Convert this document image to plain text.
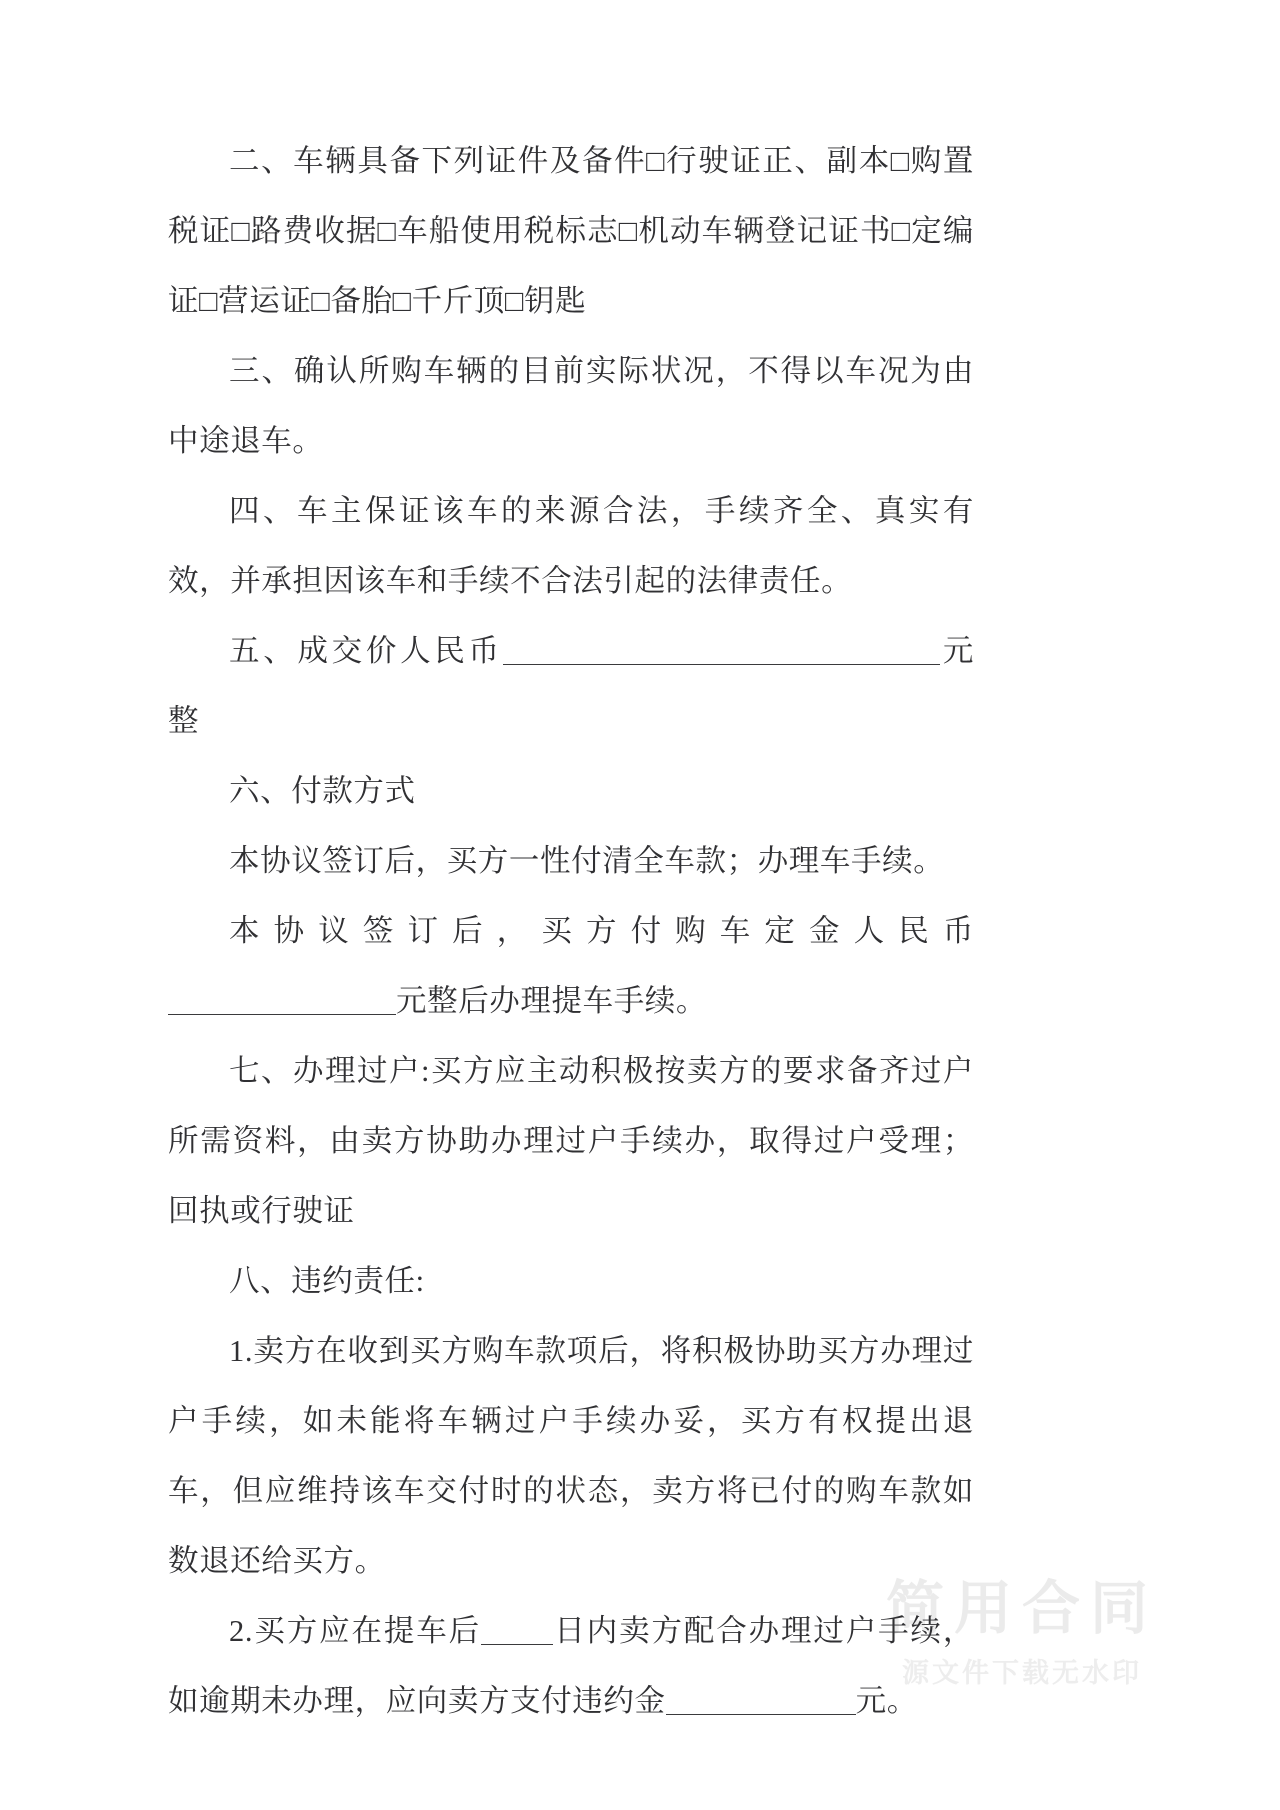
简用合同
源文件下载无水印

二、车辆具备下列证件及备件□行驶证正、副本□购置税证□路费收据□车船使用税标志□机动车辆登记证书□定编证□营运证□备胎□千斤顶□钥匙

三、确认所购车辆的目前实际状况，不得以车况为由中途退车。

四、车主保证该车的来源合法，手续齐全、真实有效，并承担因该车和手续不合法引起的法律责任。

五、成交价人民币	元整

六、付款方式

本协议签订后，买方一性付清全车款；办理车手续。

本协议签订后，买方付购车定金人民币元整后办理提车手续。

七、办理过户:买方应主动积极按卖方的要求备齐过户所需资料，由卖方协助办理过户手续办，取得过户受理；回执或行驶证

八、违约责任:

1.卖方在收到买方购车款项后，将积极协助买方办理过户手续，如未能将车辆过户手续办妥，买方有权提出退车，但应维持该车交付时的状态，卖方将已付的购车款如数退还给买方。

2.买方应在提车后 日内卖方配合办理过户手续，如逾期未办理，应向卖方支付违约金	元。
